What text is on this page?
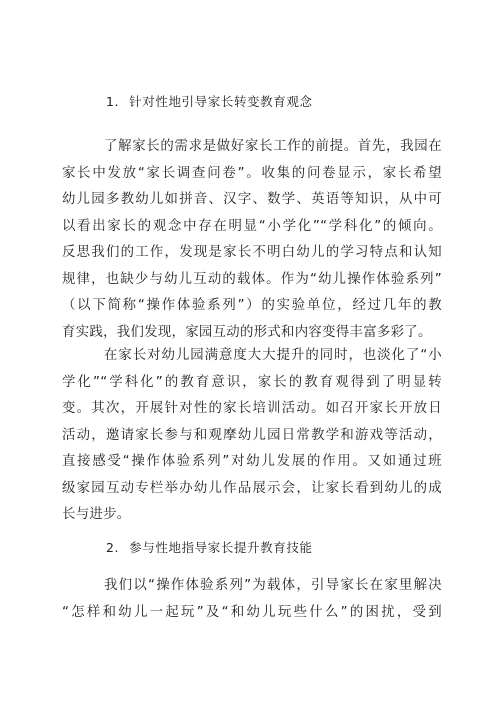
1. 针对性地引导家长转变教育观念
了解家长的需求是做好家长工作的前提。首先，我园在
家长中发放“家长调查问卷”。收集的问卷显示，家长希望
幼儿园多教幼儿如拼音、汉字、数学、英语等知识，从中可
以看出家长的观念中存在明显“小学化”“学科化”的倾向。
反思我们的工作，发现是家长不明白幼儿的学习特点和认知
规律，也缺少与幼儿互动的载体。作为“幼儿操作体验系列”
（以下简称“操作体验系列”）的实验单位，经过几年的教
育实践，我们发现，家园互动的形式和内容变得丰富多彩了。
在家长对幼儿园满意度大大提升的同时，也淡化了“小
学化”“学科化”的教育意识，家长的教育观得到了明显转
变。其次，开展针对性的家长培训活动。如召开家长开放日
活动，邀请家长参与和观摩幼儿园日常教学和游戏等活动，
直接感受“操作体验系列”对幼儿发展的作用。又如通过班
级家园互动专栏举办幼儿作品展示会，让家长看到幼儿的成
长与进步。
2. 参与性地指导家长提升教育技能
我们以“操作体验系列”为载体，引导家长在家里解决
“怎样和幼儿一起玩”及“和幼儿玩些什么”的困扰，受到
